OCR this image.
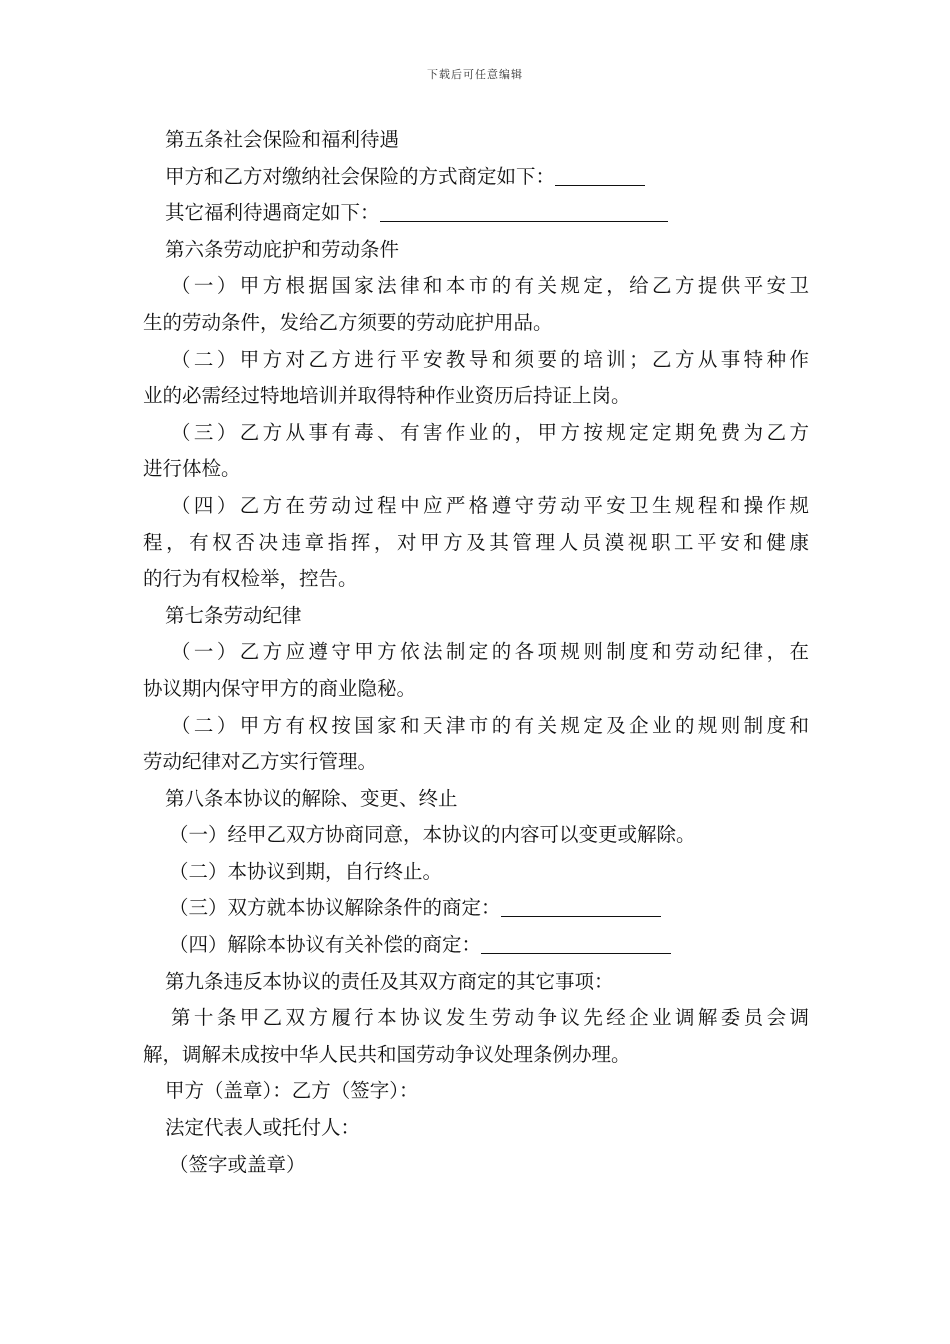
下载后可任意编辑
第五条社会保险和福利待遇
甲方和乙方对缴纳社会保险的方式商定如下：
其它福利待遇商定如下：
第六条劳动庇护和劳动条件
（一）甲方根据国家法律和本市的有关规定，给乙方提供平安卫
生的劳动条件，发给乙方须要的劳动庇护用品。
（二）甲方对乙方进行平安教导和须要的培训；乙方从事特种作
业的必需经过特地培训并取得特种作业资历后持证上岗。
（三）乙方从事有毒、有害作业的，甲方按规定定期免费为乙方
进行体检。
（四）乙方在劳动过程中应严格遵守劳动平安卫生规程和操作规
程，有权否决违章指挥，对甲方及其管理人员漠视职工平安和健康
的行为有权检举，控告。
第七条劳动纪律
（一）乙方应遵守甲方依法制定的各项规则制度和劳动纪律，在
协议期内保守甲方的商业隐秘。
（二）甲方有权按国家和天津市的有关规定及企业的规则制度和
劳动纪律对乙方实行管理。
第八条本协议的解除、变更、终止
（一）经甲乙双方协商同意，本协议的内容可以变更或解除。
（二）本协议到期，自行终止。
（三）双方就本协议解除条件的商定：
（四）解除本协议有关补偿的商定：
第九条违反本协议的责任及其双方商定的其它事项：
第十条甲乙双方履行本协议发生劳动争议先经企业调解委员会调
解，调解未成按中华人民共和国劳动争议处理条例办理。
甲方（盖章）：乙方（签字）：
法定代表人或托付人：
（签字或盖章）
